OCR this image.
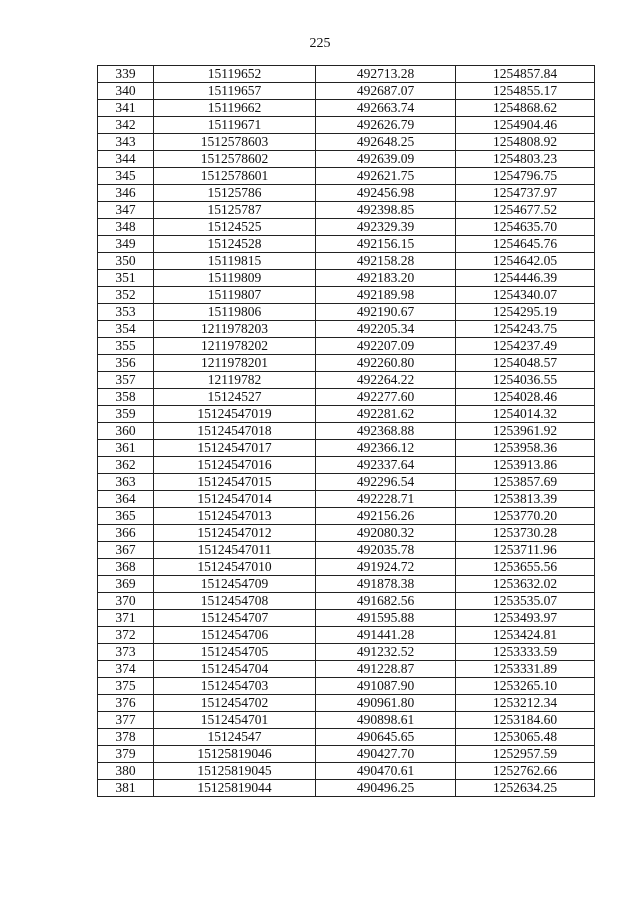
225
339	15119652	492713.28	1254857.84
340	15119657	492687.07	1254855.17
341	15119662	492663.74	1254868.62
342	15119671	492626.79	1254904.46
343	1512578603	492648.25	1254808.92
344	1512578602	492639.09	1254803.23
345	1512578601	492621.75	1254796.75
346	15125786	492456.98	1254737.97
347	15125787	492398.85	1254677.52
348	15124525	492329.39	1254635.70
349	15124528	492156.15	1254645.76
350	15119815	492158.28	1254642.05
351	15119809	492183.20	1254446.39
352	15119807	492189.98	1254340.07
353	15119806	492190.67	1254295.19
354	1211978203	492205.34	1254243.75
355	1211978202	492207.09	1254237.49
356	1211978201	492260.80	1254048.57
357	12119782	492264.22	1254036.55
358	15124527	492277.60	1254028.46
359	15124547019	492281.62	1254014.32
360	15124547018	492368.88	1253961.92
361	15124547017	492366.12	1253958.36
362	15124547016	492337.64	1253913.86
363	15124547015	492296.54	1253857.69
364	15124547014	492228.71	1253813.39
365	15124547013	492156.26	1253770.20
366	15124547012	492080.32	1253730.28
367	15124547011	492035.78	1253711.96
368	15124547010	491924.72	1253655.56
369	1512454709	491878.38	1253632.02
370	1512454708	491682.56	1253535.07
371	1512454707	491595.88	1253493.97
372	1512454706	491441.28	1253424.81
373	1512454705	491232.52	1253333.59
374	1512454704	491228.87	1253331.89
375	1512454703	491087.90	1253265.10
376	1512454702	490961.80	1253212.34
377	1512454701	490898.61	1253184.60
378	15124547	490645.65	1253065.48
379	15125819046	490427.70	1252957.59
380	15125819045	490470.61	1252762.66
381	15125819044	490496.25	1252634.25
